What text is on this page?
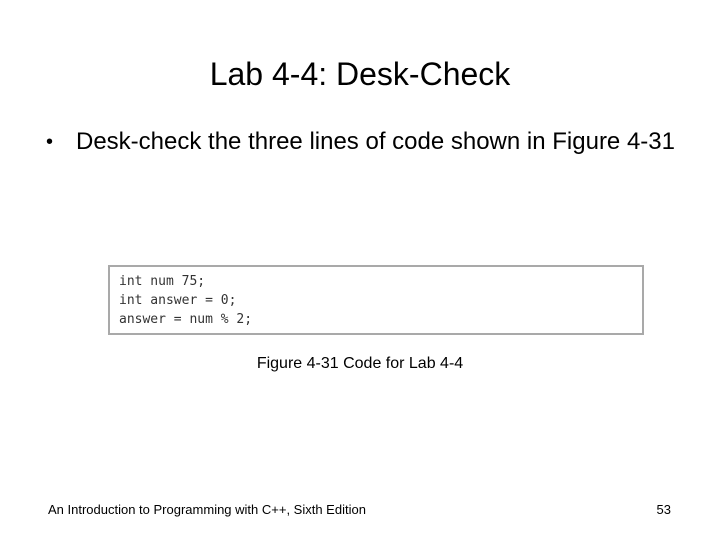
Lab 4-4: Desk-Check
• Desk-check the three lines of code shown in Figure 4-31
int num 75;
int answer = 0;
answer = num % 2;
Figure 4-31 Code for Lab 4-4
An Introduction to Programming with C++, Sixth Edition	53
